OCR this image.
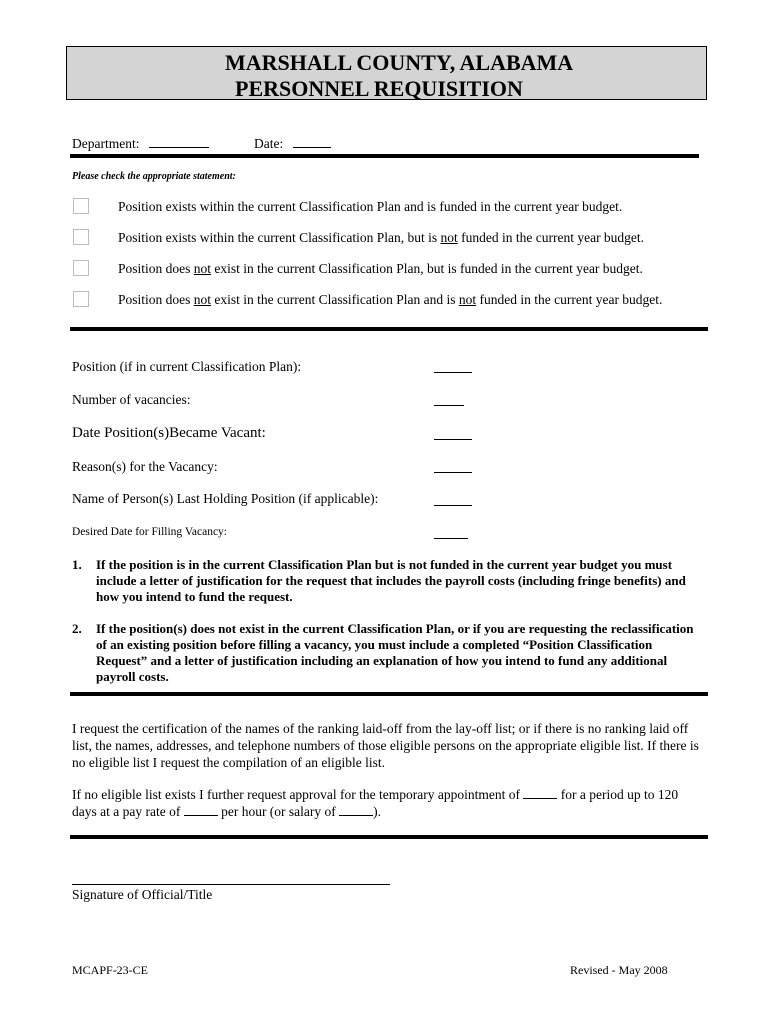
MARSHALL COUNTY, ALABAMA
PERSONNEL REQUISITION
Department:	Date:
Please check the appropriate statement:
Position exists within the current Classification Plan and is funded in the current year budget.
Position exists within the current Classification Plan, but is not funded in the current year budget.
Position does not exist in the current Classification Plan, but is funded in the current year budget.
Position does not exist in the current Classification Plan and is not funded in the current year budget.
Position (if in current Classification Plan):
Number of vacancies:
Date Position(s)Became Vacant:
Reason(s) for the Vacancy:
Name of Person(s) Last Holding Position (if applicable):
Desired Date for Filling Vacancy:
1. If the position is in the current Classification Plan but is not funded in the current year budget you must include a letter of justification for the request that includes the payroll costs (including fringe benefits) and how you intend to fund the request.
2. If the position(s) does not exist in the current Classification Plan, or if you are requesting the reclassification of an existing position before filling a vacancy, you must include a completed “Position Classification Request” and a letter of justification including an explanation of how you intend to fund any additional payroll costs.
I request the certification of the names of the ranking laid-off from the lay-off list; or if there is no ranking laid off list, the names, addresses, and telephone numbers of those eligible persons on the appropriate eligible list. If there is no eligible list I request the compilation of an eligible list.
If no eligible list exists I further request approval for the temporary appointment of	for a period up to 120 days at a pay rate of	per hour (or salary of	).
Signature of Official/Title
MCAPF-23-CE	Revised - May 2008
